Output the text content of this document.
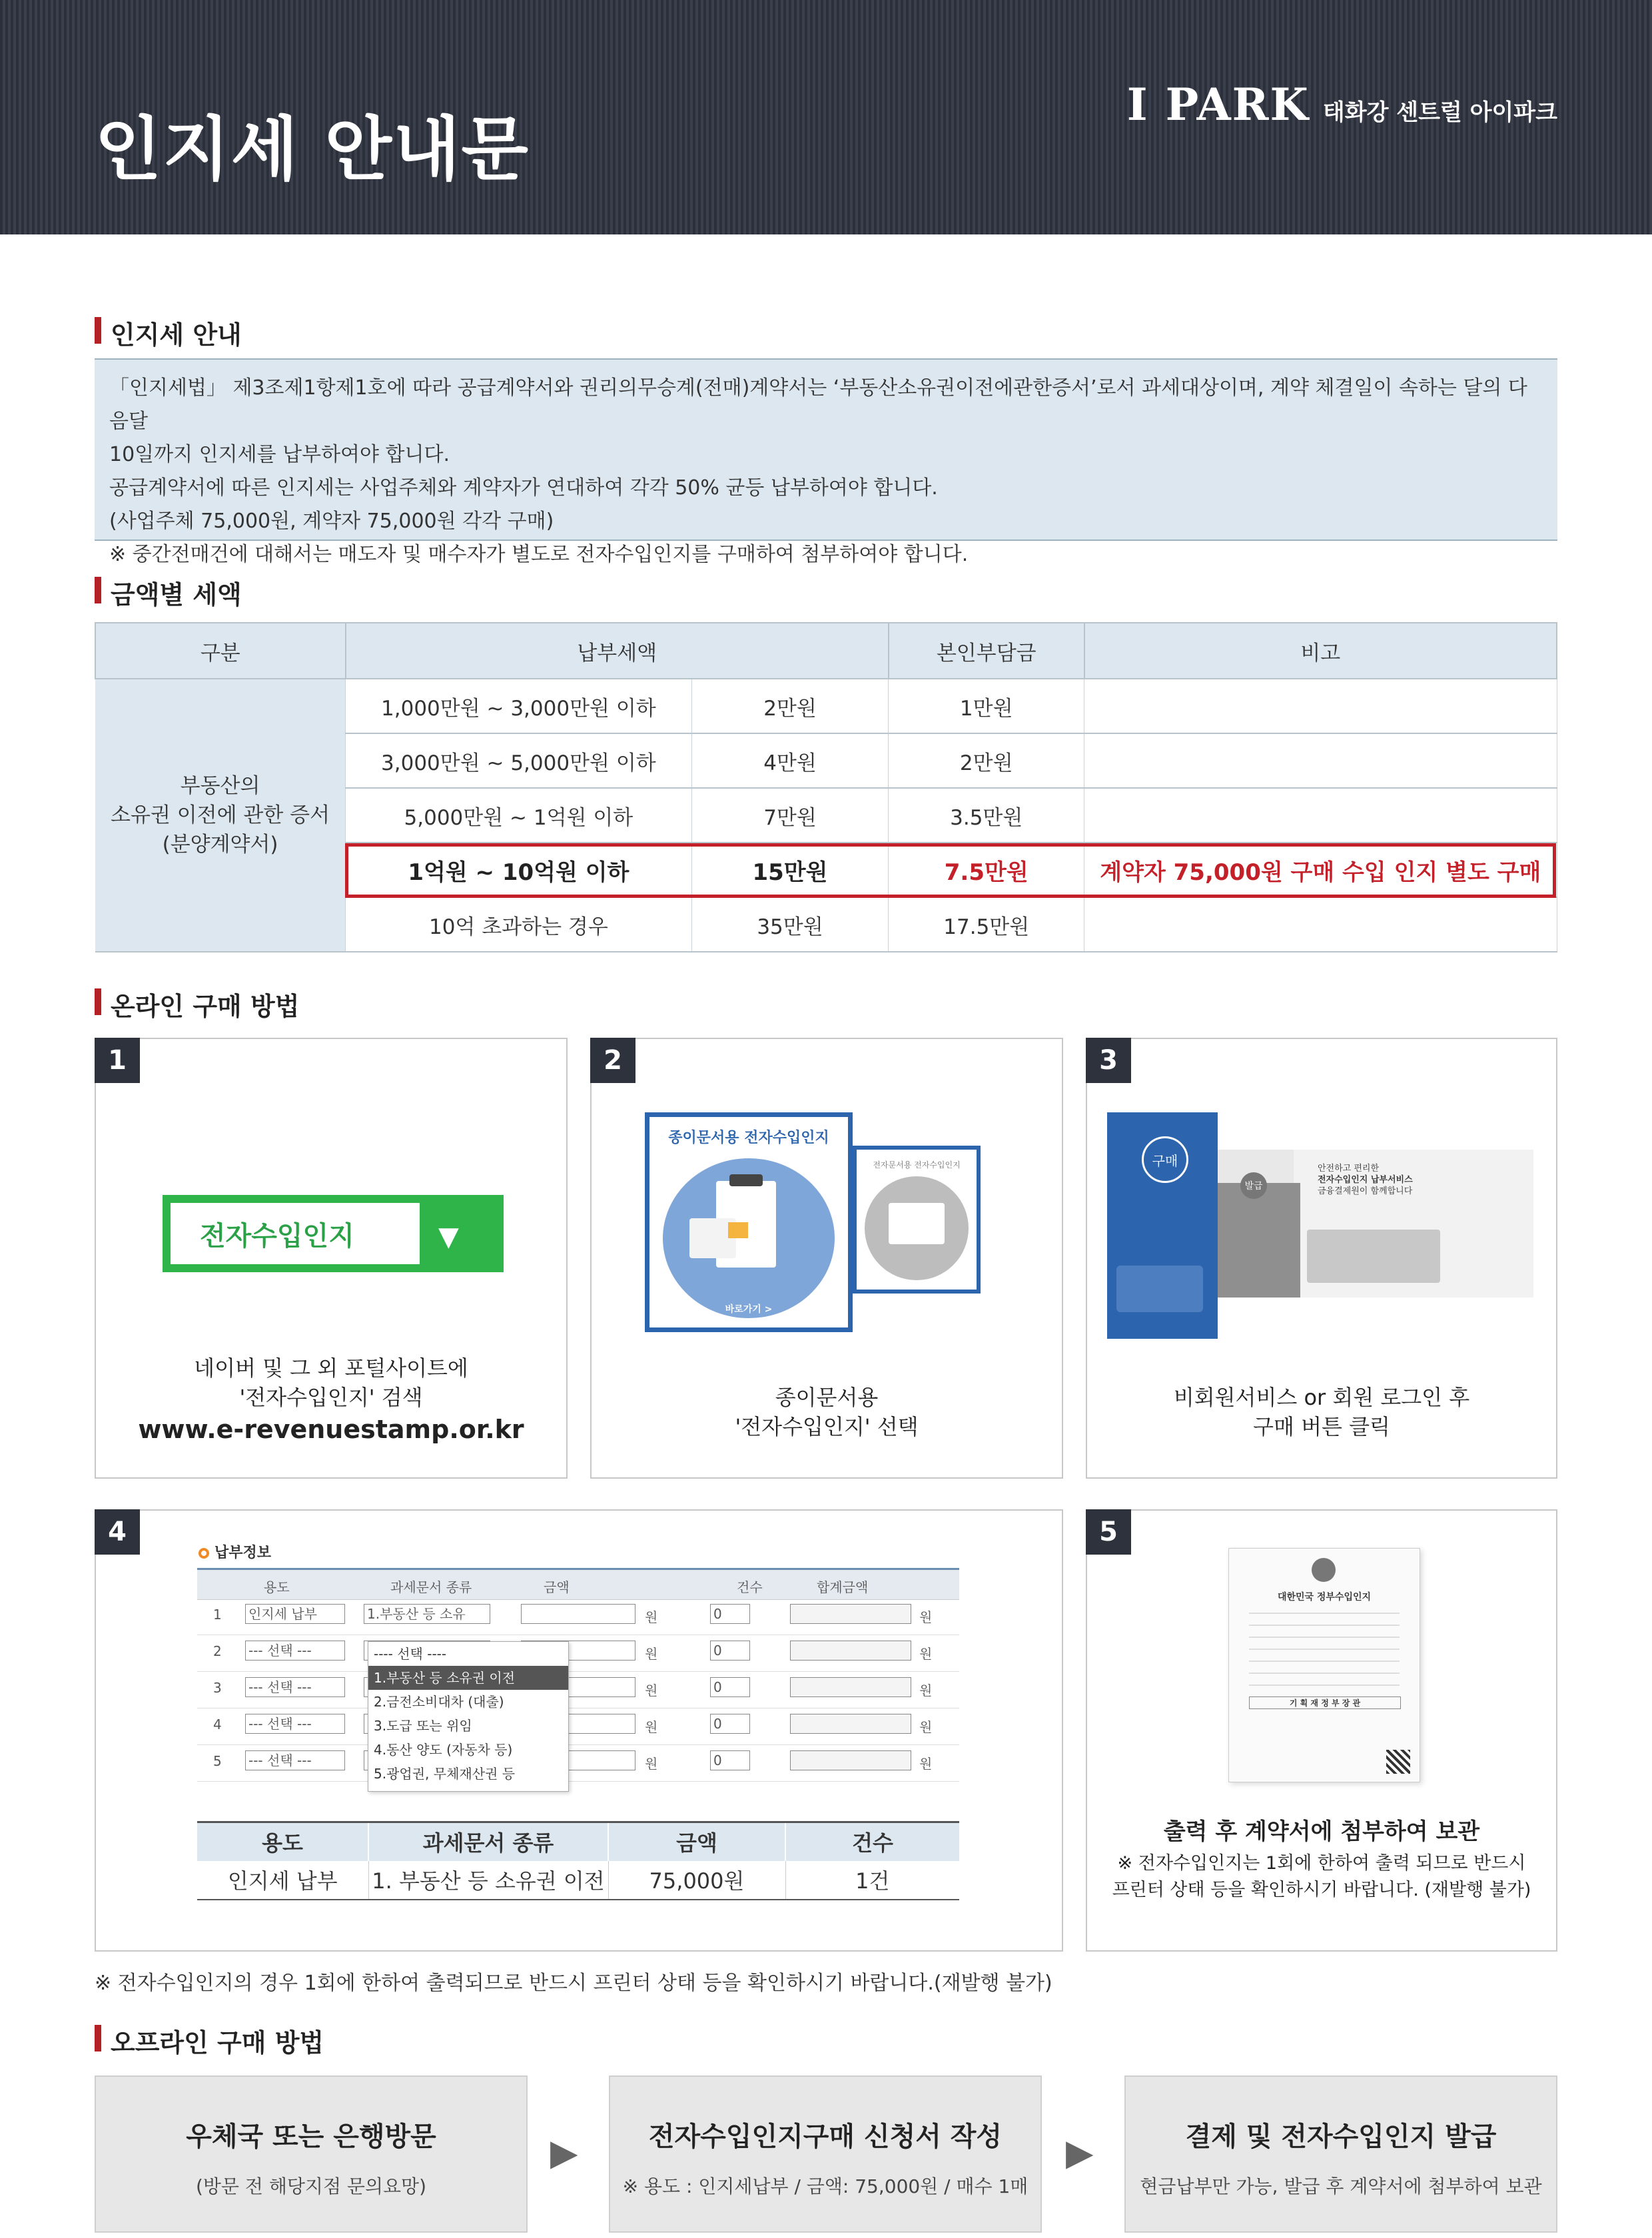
인지세 안내문
I PARK 태화강 센트럴 아이파크
인지세 안내

「인지세법」 제3조제1항제1호에 따라 공급계약서와 권리의무승계(전매)계약서는 ‘부동산소유권이전에관한증서’로서 과세대상이며, 계약 체결일이 속하는 달의 다음달

10일까지 인지세를 납부하여야 합니다.

공급계약서에 따른 인지세는 사업주체와 계약자가 연대하여 각각 50% 균등 납부하여야 합니다.

(사업주체 75,000원, 계약자 75,000원 각각 구매)

※ 중간전매건에 대해서는 매도자 및 매수자가 별도로 전자수입인지를 구매하여 첨부하여야 합니다.

금액별 세액
구분	납부세액		본인부담금	비고

부동산의
소유권 이전에 관한 증서
(분양계약서)	1,000만원 ~ 3,000만원 이하	2만원	1만원	
	3,000만원 ~ 5,000만원 이하	4만원	2만원	
	5,000만원 ~ 1억원 이하	7만원	3.5만원	
	1억원 ~ 10억원 이하	15만원	7.5만원	계약자 75,000원 구매 수입 인지 별도 구매
	10억 초과하는 경우	35만원	17.5만원	
온라인 구매 방법
1
전자수입인지	▼
네이버 및 그 외 포털사이트에
'전자수입인지' 검색
www.e-revenuestamp.or.kr
2
종이문서용 전자수입인지
바로가기 >
전자문서용 전자수입인지
종이문서용
'전자수입인지' 선택
3
안전하고 편리한
전자수입인지 납부서비스
금융결제원이 함께합니다
발급
구매
비회원서비스 or 회원 로그인 후
구매 버튼 클릭
4
납부정보
용도	과세문서 종류	금액	건수	합계금액
1 인지세 납부	1.부동산 등 소유	원	0	원
2 --- 선택 ---	원	0	원
3 --- 선택 ---	원	0	원
4 --- 선택 ---	원	0	원
5 --- 선택 ---	원	0	원
---- 선택 ----
1.부동산 등 소유권 이전
2.금전소비대차 (대출)
3.도급 또는 위임
4.동산 양도 (자동차 등)
5.광업권, 무체재산권 등
용도	과세문서 종류	금액	건수
인지세 납부	1. 부동산 등 소유권 이전	75,000원	1건
5
대한민국 정부수입인지
기 획 재 정 부 장 관
출력 후 계약서에 첨부하여 보관
※ 전자수입인지는 1회에 한하여 출력 되므로 반드시
프린터 상태 등을 확인하시기 바랍니다. (재발행 불가)
※ 전자수입인지의 경우 1회에 한하여 출력되므로 반드시 프린터 상태 등을 확인하시기 바랍니다.(재발행 불가)
오프라인 구매 방법
우체국 또는 은행방문
(방문 전 해당지점 문의요망)
▶	전자수입인지구매 신청서 작성
※ 용도 : 인지세납부 / 금액: 75,000원 / 매수 1매
▶	결제 및 전자수입인지 발급
현금납부만 가능, 발급 후 계약서에 첨부하여 보관
